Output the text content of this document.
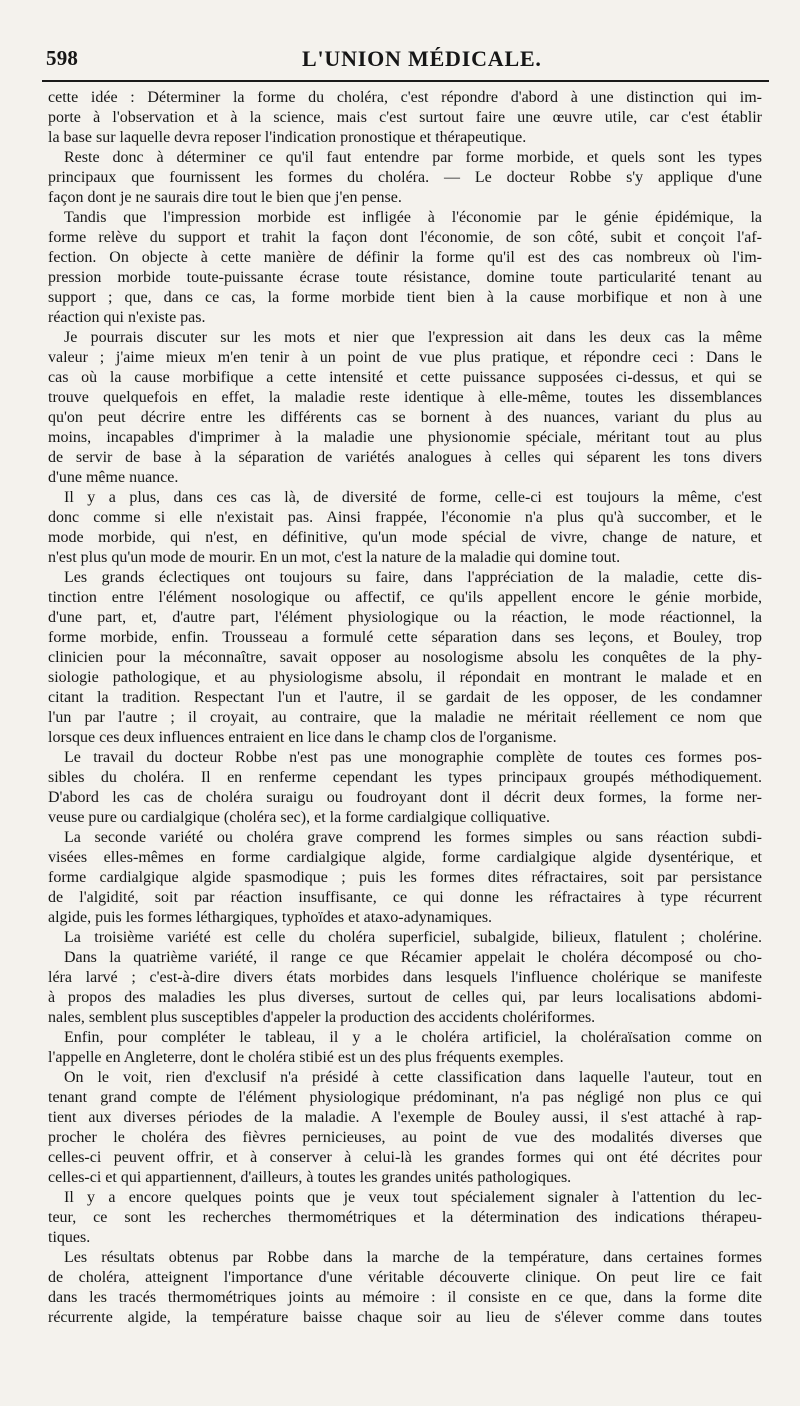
598	L'UNION MÉDICALE.
cette idée : Déterminer la forme du choléra, c'est répondre d'abord à une distinction qui im-
porte à l'observation et à la science, mais c'est surtout faire une œuvre utile, car c'est établir
la base sur laquelle devra reposer l'indication pronostique et thérapeutique.
Reste donc à déterminer ce qu'il faut entendre par forme morbide, et quels sont les types
principaux que fournissent les formes du choléra. — Le docteur Robbe s'y applique d'une
façon dont je ne saurais dire tout le bien que j'en pense.
Tandis que l'impression morbide est infligée à l'économie par le génie épidémique, la
forme relève du support et trahit la façon dont l'économie, de son côté, subit et conçoit l'af-
fection. On objecte à cette manière de définir la forme qu'il est des cas nombreux où l'im-
pression morbide toute-puissante écrase toute résistance, domine toute particularité tenant au
support ; que, dans ce cas, la forme morbide tient bien à la cause morbifique et non à une
réaction qui n'existe pas.
Je pourrais discuter sur les mots et nier que l'expression ait dans les deux cas la même
valeur ; j'aime mieux m'en tenir à un point de vue plus pratique, et répondre ceci : Dans le
cas où la cause morbifique a cette intensité et cette puissance supposées ci-dessus, et qui se
trouve quelquefois en effet, la maladie reste identique à elle-même, toutes les dissemblances
qu'on peut décrire entre les différents cas se bornent à des nuances, variant du plus au
moins, incapables d'imprimer à la maladie une physionomie spéciale, méritant tout au plus
de servir de base à la séparation de variétés analogues à celles qui séparent les tons divers
d'une même nuance.
Il y a plus, dans ces cas là, de diversité de forme, celle-ci est toujours la même, c'est
donc comme si elle n'existait pas. Ainsi frappée, l'économie n'a plus qu'à succomber, et le
mode morbide, qui n'est, en définitive, qu'un mode spécial de vivre, change de nature, et
n'est plus qu'un mode de mourir. En un mot, c'est la nature de la maladie qui domine tout.
Les grands éclectiques ont toujours su faire, dans l'appréciation de la maladie, cette dis-
tinction entre l'élément nosologique ou affectif, ce qu'ils appellent encore le génie morbide,
d'une part, et, d'autre part, l'élément physiologique ou la réaction, le mode réactionnel, la
forme morbide, enfin. Trousseau a formulé cette séparation dans ses leçons, et Bouley, trop
clinicien pour la méconnaître, savait opposer au nosologisme absolu les conquêtes de la phy-
siologie pathologique, et au physiologisme absolu, il répondait en montrant le malade et en
citant la tradition. Respectant l'un et l'autre, il se gardait de les opposer, de les condamner
l'un par l'autre ; il croyait, au contraire, que la maladie ne méritait réellement ce nom que
lorsque ces deux influences entraient en lice dans le champ clos de l'organisme.
Le travail du docteur Robbe n'est pas une monographie complète de toutes ces formes pos-
sibles du choléra. Il en renferme cependant les types principaux groupés méthodiquement.
D'abord les cas de choléra suraigu ou foudroyant dont il décrit deux formes, la forme ner-
veuse pure ou cardialgique (choléra sec), et la forme cardialgique colliquative.
La seconde variété ou choléra grave comprend les formes simples ou sans réaction subdi-
visées elles-mêmes en forme cardialgique algide, forme cardialgique algide dysentérique, et
forme cardialgique algide spasmodique ; puis les formes dites réfractaires, soit par persistance
de l'algidité, soit par réaction insuffisante, ce qui donne les réfractaires à type récurrent
algide, puis les formes léthargiques, typhoïdes et ataxo-adynamiques.
La troisième variété est celle du choléra superficiel, subalgide, bilieux, flatulent ; cholérine.
Dans la quatrième variété, il range ce que Récamier appelait le choléra décomposé ou cho-
léra larvé ; c'est-à-dire divers états morbides dans lesquels l'influence cholérique se manifeste
à propos des maladies les plus diverses, surtout de celles qui, par leurs localisations abdomi-
nales, semblent plus susceptibles d'appeler la production des accidents cholériformes.
Enfin, pour compléter le tableau, il y a le choléra artificiel, la choléraïsation comme on
l'appelle en Angleterre, dont le choléra stibié est un des plus fréquents exemples.
On le voit, rien d'exclusif n'a présidé à cette classification dans laquelle l'auteur, tout en
tenant grand compte de l'élément physiologique prédominant, n'a pas négligé non plus ce qui
tient aux diverses périodes de la maladie. A l'exemple de Bouley aussi, il s'est attaché à rap-
procher le choléra des fièvres pernicieuses, au point de vue des modalités diverses que
celles-ci peuvent offrir, et à conserver à celui-là les grandes formes qui ont été décrites pour
celles-ci et qui appartiennent, d'ailleurs, à toutes les grandes unités pathologiques.
Il y a encore quelques points que je veux tout spécialement signaler à l'attention du lec-
teur, ce sont les recherches thermométriques et la détermination des indications thérapeu-
tiques.
Les résultats obtenus par Robbe dans la marche de la température, dans certaines formes
de choléra, atteignent l'importance d'une véritable découverte clinique. On peut lire ce fait
dans les tracés thermométriques joints au mémoire : il consiste en ce que, dans la forme dite
récurrente algide, la température baisse chaque soir au lieu de s'élever comme dans toutes
